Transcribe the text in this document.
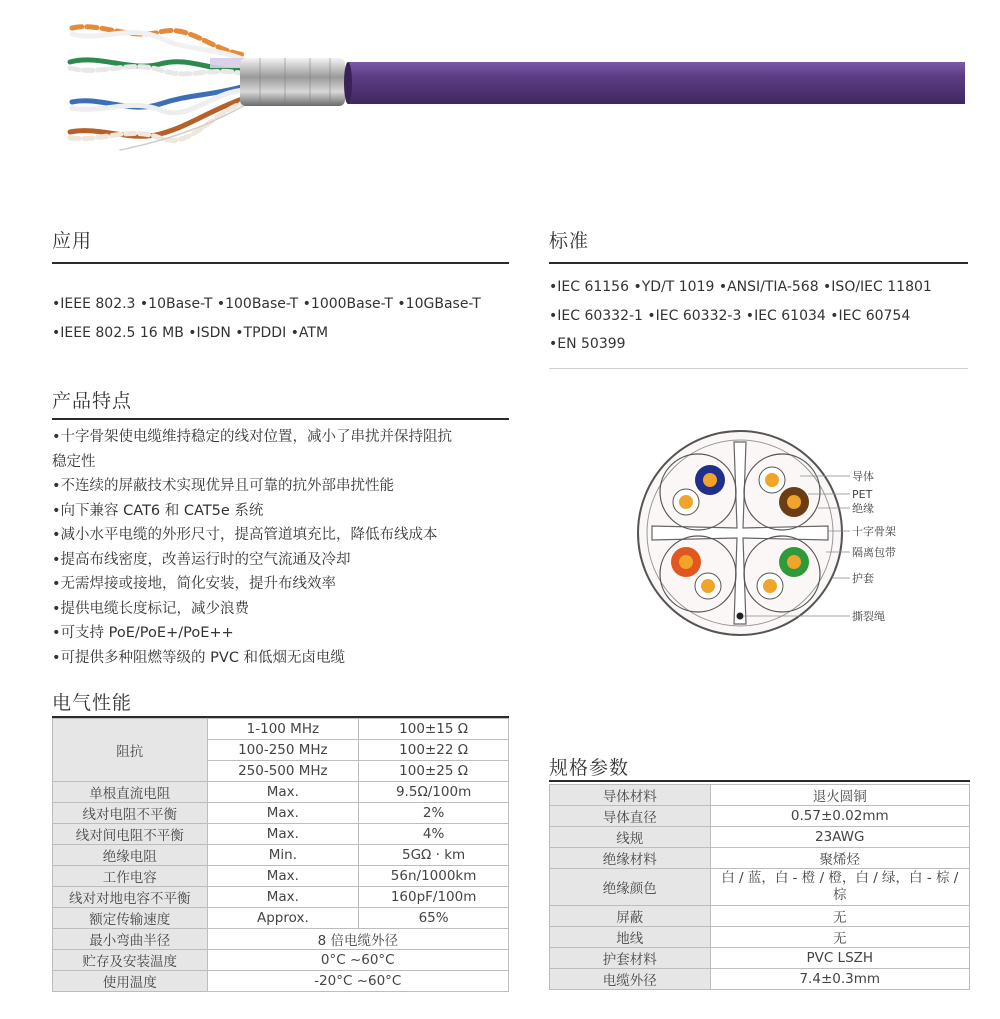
应用
•IEEE 802.3 •10Base-T •100Base-T •1000Base-T •10GBase-T
•IEEE 802.5 16 MB •ISDN •TPDDI •ATM
标准
•IEC 61156 •YD/T 1019 •ANSI/TIA-568 •ISO/IEC 11801
•IEC 60332-1 •IEC 60332-3 •IEC 61034 •IEC 60754
•EN 50399
产品特点
•十字骨架使电缆维持稳定的线对位置，减小了串扰并保持阻抗
稳定性
•不连续的屏蔽技术实现优异且可靠的抗外部串扰性能
•向下兼容 CAT6 和 CAT5e 系统
•减小水平电缆的外形尺寸，提高管道填充比，降低布线成本
•提高布线密度，改善运行时的空气流通及冷却
•无需焊接或接地，简化安装，提升布线效率
•提供电缆长度标记，减少浪费
•可支持 PoE/PoE+/PoE++
•可提供多种阻燃等级的 PVC 和低烟无卤电缆
导体
PET
绝缘
十字骨架
隔离包带
护套
撕裂绳
电气性能
阻抗	1-100 MHz	100±15 Ω
	100-250 MHz	100±22 Ω
	250-500 MHz	100±25 Ω
单根直流电阻	Max.	9.5Ω/100m
线对电阻不平衡	Max.	2%
线对间电阻不平衡	Max.	4%
绝缘电阻	Min.	5GΩ · km
工作电容	Max.	56n/1000km
线对对地电容不平衡	Max.	160pF/100m
额定传输速度	Approx.	65%
最小弯曲半径	8 倍电缆外径	
贮存及安装温度	0°C ~60°C	
使用温度	-20°C ~60°C	
规格参数
导体材料	退火圆铜
导体直径	0.57±0.02mm
线规	23AWG
绝缘材料	聚烯烃
绝缘颜色	白 / 蓝，白 - 橙 / 橙，白 / 绿，白 - 棕 / 棕
屏蔽	无
地线	无
护套材料	PVC LSZH
电缆外径	7.4±0.3mm
